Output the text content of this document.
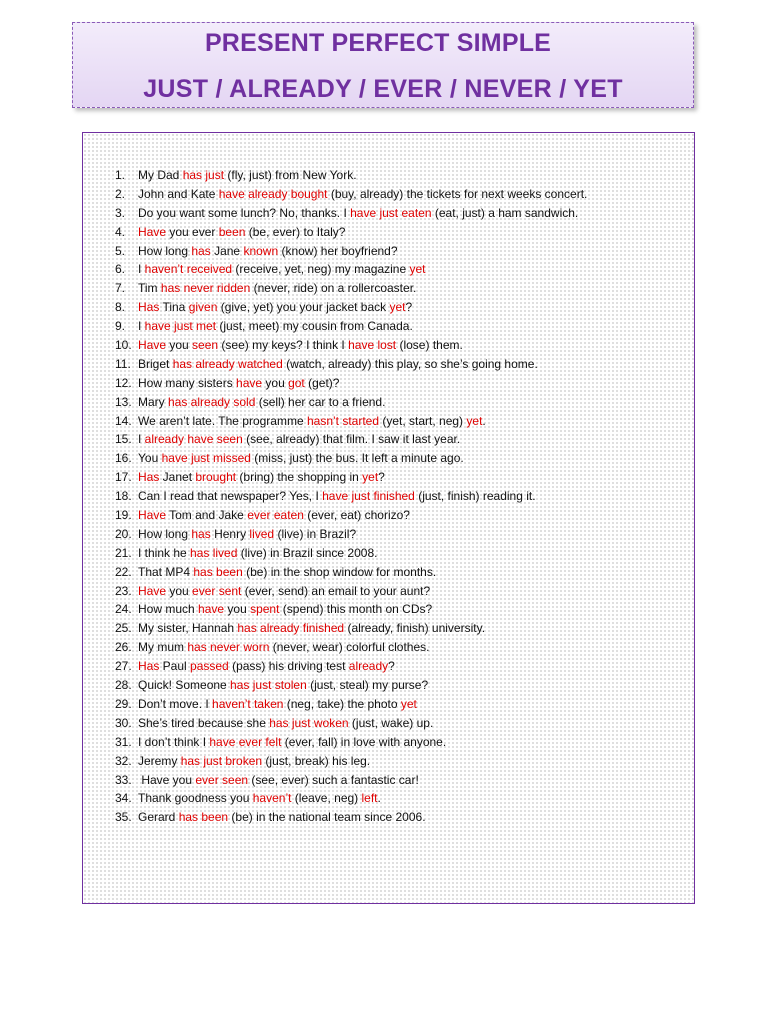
PRESENT PERFECT SIMPLE
JUST / ALREADY / EVER / NEVER / YET
1. My Dad has just (fly, just) from New York.
2. John and Kate have already bought (buy, already) the tickets for next weeks concert.
3. Do you want some lunch? No, thanks. I have just eaten (eat, just) a ham sandwich.
4. Have you ever been (be, ever) to Italy?
5. How long has Jane known (know) her boyfriend?
6. I haven’t received (receive, yet, neg) my magazine yet
7. Tim has never ridden (never, ride) on a rollercoaster.
8. Has Tina given (give, yet) you your jacket back yet?
9. I have just met (just, meet) my cousin from Canada.
10. Have you seen (see) my keys? I think I have lost (lose) them.
11. Briget has already watched (watch, already) this play, so she’s going home.
12. How many sisters have you got (get)?
13. Mary has already sold (sell) her car to a friend.
14. We aren’t late. The programme hasn’t started (yet, start, neg) yet.
15. I already have seen (see, already) that film. I saw it last year.
16. You have just missed (miss, just) the bus. It left a minute ago.
17. Has Janet brought (bring) the shopping in yet?
18. Can I read that newspaper? Yes, I have just finished (just, finish) reading it.
19. Have Tom and Jake ever eaten (ever, eat) chorizo?
20. How long has Henry lived (live) in Brazil?
21. I think he has lived (live) in Brazil since 2008.
22. That MP4 has been (be) in the shop window for months.
23. Have you ever sent (ever, send) an email to your aunt?
24. How much have you spent (spend) this month on CDs?
25. My sister, Hannah has already finished (already, finish) university.
26. My mum has never worn (never, wear) colorful clothes.
27. Has Paul passed (pass) his driving test already?
28. Quick! Someone has just stolen (just, steal) my purse?
29. Don’t move. I haven’t taken (neg, take) the photo yet
30. She’s tired because she has just woken (just, wake) up.
31. I don’t think I have ever felt (ever, fall) in love with anyone.
32. Jeremy has just broken (just, break) his leg.
33. Have you ever seen (see, ever) such a fantastic car!
34. Thank goodness you haven’t (leave, neg) left.
35. Gerard has been (be) in the national team since 2006.
